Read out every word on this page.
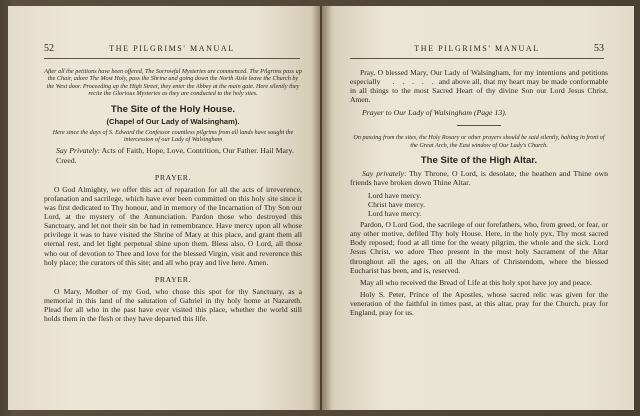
52	THE PILGRIMS' MANUAL

After all the petitions have been offered, The Sorrowful Mysteries are commenced. The Pilgrims pass up the Chair, adore The Most Holy, pass the Shrine and going down the North Aisle leave the Church by the West door. Proceeding up the High Street, they enter the Abbey at the main gate. Here silently they recite the Glorious Mysteries as they are conducted to the holy sites.

The Site of the Holy House.
(Chapel of Our Lady of Walsingham).

Here since the days of S. Edward the Confessor countless pilgrims from all lands have sought the intercession of our Lady of Walsingham

Say Privately: Acts of Faith, Hope, Love, Contrition, Our Father. Hail Mary. Creed.

PRAYER.

O God Almighty, we offer this act of reparation for all the acts of irreverence, profanation and sacrilege, which have ever been committed on this holy site since it was first dedicated to Thy honour, and in memory of the Incarnation of Thy Son our Lord, at the mystery of the Annunciation. Pardon those who destroyed this Sanctuary, and let not their sin be had in remembrance. Have mercy upon all whose privilege it was to have visited the Shrine of Mary at this place, and grant them all eternal rest, and let light perpetual shine upon them. Bless also, O Lord, all those who out of devotion to Thee and love for the blessed Virgin, visit and reverence this holy place; the curators of this site; and all who pray and live here. Amen.

PRAYER.

O Mary, Mother of my God, who chose this spot for thy Sanctuary, as a memorial in this land of the salutation of Gabriel in thy holy home at Nazareth. Plead for all who in the past have ever visited this place, whether the world still holds them in the flesh or they have departed this life.

THE PILGRIMS' MANUAL	53

Pray, O blessed Mary, Our Lady of Walsingham, for my intentions and petitions especially . . . . . and above all, that my heart may be made conformable in all things to the most Sacred Heart of thy divine Son our Lord Jesus Christ. Amen.

Prayer to Our Lady of Walsingham (Page 13).

On passing from the sites, the Holy Rosary or other prayers should be said silently, halting in front of the Great Arch, the East window of Our Lady's Church.

The Site of the High Altar.

Say privately: Thy Throne, O Lord, is desolate, the heathen and Thine own friends have broken down Thine Altar.

Lord have mercy.
Christ have mercy.
Lord have mercy.

Pardon, O Lord God, the sacrilege of our forefathers, who, from greed, or fear, or any other motive, defiled Thy holy House. Here, in the holy pyx, Thy most sacred Body reposed; food at all time for the weary pilgrim, the whole and the sick. Lord Jesus Christ, we adore Thee present in the most holy Sacrament of the Altar throughout all the ages, on all the Altars of Christendom, where the blessed Eucharist has been, and is, reserved.

May all who received the Bread of Life at this holy spot have joy and peace.

Holy S. Peter, Prince of the Apostles, whose sacred relic was given for the veneration of the faithful in times past, at this altar, pray for the Church, pray for England, pray for us.
